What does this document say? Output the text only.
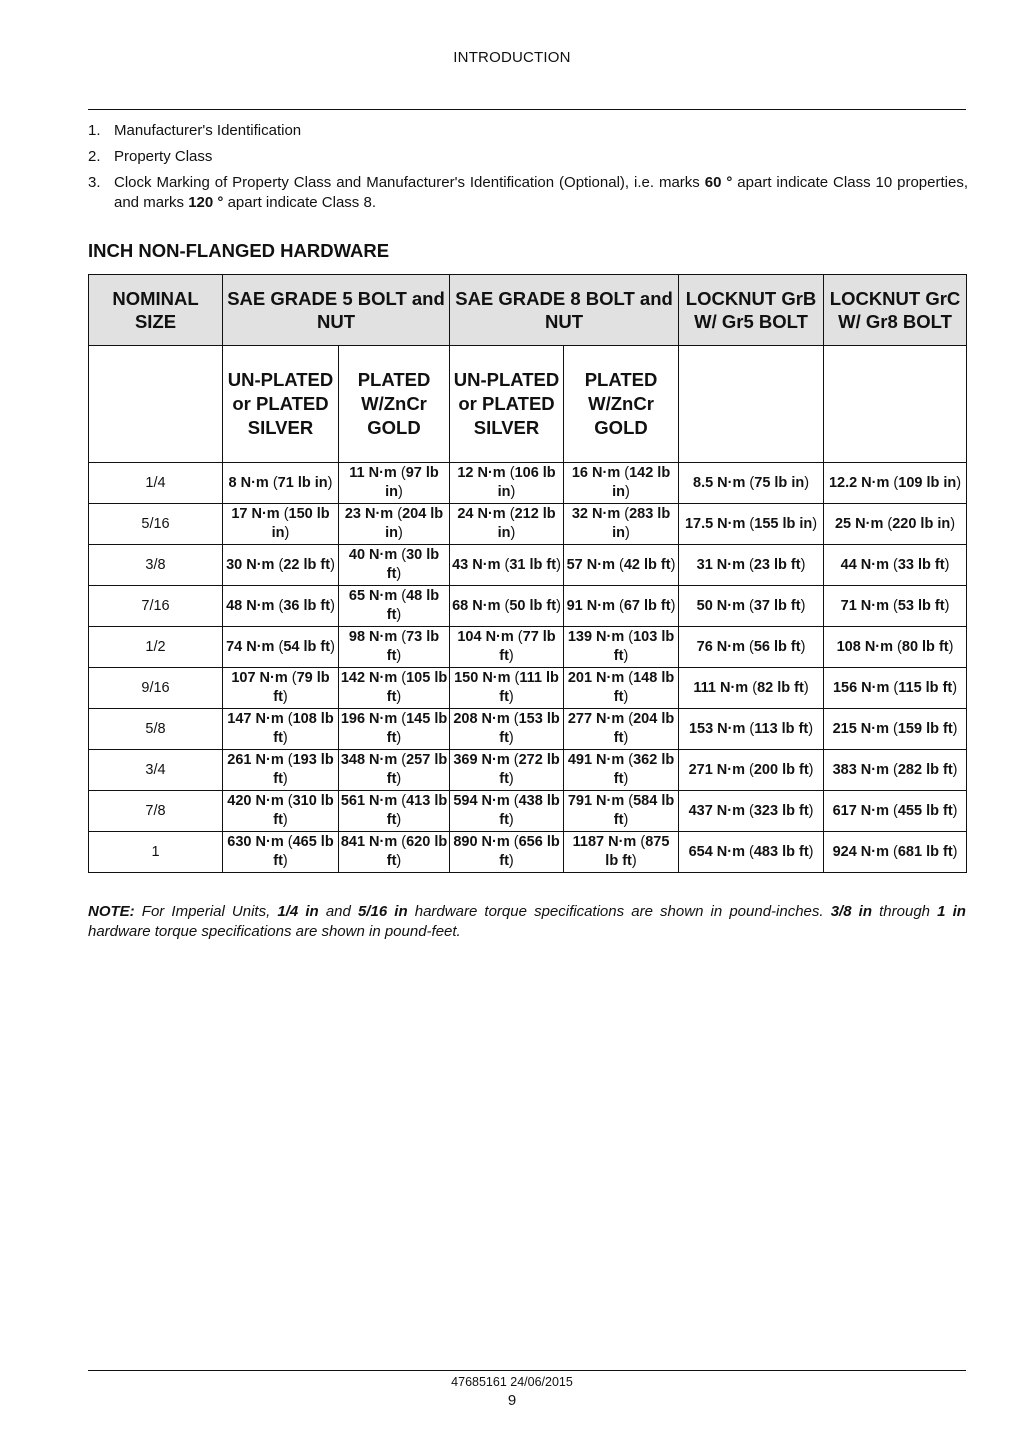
INTRODUCTION
1. Manufacturer's Identification
2. Property Class
3. Clock Marking of Property Class and Manufacturer's Identification (Optional), i.e. marks 60 ° apart indicate Class 10 properties, and marks 120 ° apart indicate Class 8.
INCH NON-FLANGED HARDWARE
NOMINAL SIZE	SAE GRADE 5 BOLT and NUT		SAE GRADE 8 BOLT and NUT		LOCKNUT GrB W/ Gr5 BOLT	LOCKNUT GrC W/ Gr8 BOLT
	UN-PLATED or PLATED SILVER	PLATED W/ZnCr GOLD	UN-PLATED or PLATED SILVER	PLATED W/ZnCr GOLD		
1/4	8 N·m (71 lb in)	11 N·m (97 lb in)	12 N·m (106 lb in)	16 N·m (142 lb in)	8.5 N·m (75 lb in)	12.2 N·m (109 lb in)
5/16	17 N·m (150 lb in)	23 N·m (204 lb in)	24 N·m (212 lb in)	32 N·m (283 lb in)	17.5 N·m (155 lb in)	25 N·m (220 lb in)
3/8	30 N·m (22 lb ft)	40 N·m (30 lb ft)	43 N·m (31 lb ft)	57 N·m (42 lb ft)	31 N·m (23 lb ft)	44 N·m (33 lb ft)
7/16	48 N·m (36 lb ft)	65 N·m (48 lb ft)	68 N·m (50 lb ft)	91 N·m (67 lb ft)	50 N·m (37 lb ft)	71 N·m (53 lb ft)
1/2	74 N·m (54 lb ft)	98 N·m (73 lb ft)	104 N·m (77 lb ft)	139 N·m (103 lb ft)	76 N·m (56 lb ft)	108 N·m (80 lb ft)
9/16	107 N·m (79 lb ft)	142 N·m (105 lb ft)	150 N·m (111 lb ft)	201 N·m (148 lb ft)	111 N·m (82 lb ft)	156 N·m (115 lb ft)
5/8	147 N·m (108 lb ft)	196 N·m (145 lb ft)	208 N·m (153 lb ft)	277 N·m (204 lb ft)	153 N·m (113 lb ft)	215 N·m (159 lb ft)
3/4	261 N·m (193 lb ft)	348 N·m (257 lb ft)	369 N·m (272 lb ft)	491 N·m (362 lb ft)	271 N·m (200 lb ft)	383 N·m (282 lb ft)
7/8	420 N·m (310 lb ft)	561 N·m (413 lb ft)	594 N·m (438 lb ft)	791 N·m (584 lb ft)	437 N·m (323 lb ft)	617 N·m (455 lb ft)
1	630 N·m (465 lb ft)	841 N·m (620 lb ft)	890 N·m (656 lb ft)	1187 N·m (875 lb ft)	654 N·m (483 lb ft)	924 N·m (681 lb ft)
NOTE: For Imperial Units, 1/4 in and 5/16 in hardware torque specifications are shown in pound-inches. 3/8 in through 1 in hardware torque specifications are shown in pound-feet.
47685161 24/06/2015
9
